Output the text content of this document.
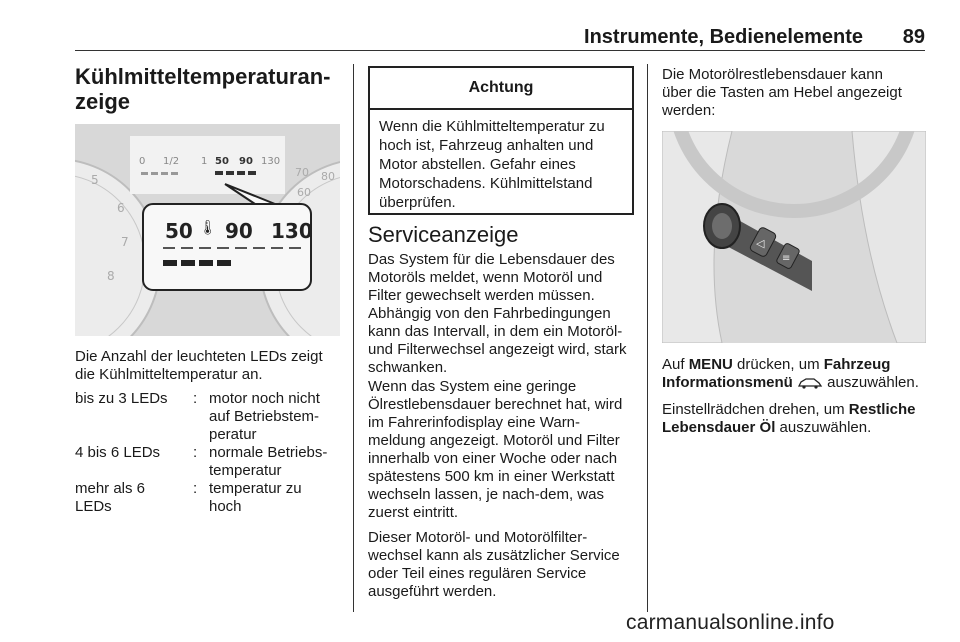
Instrumente, Bedienelemente 89
Kühlmitteltemperaturan-
zeige
5
6
7
8
70
60
80
0 1/2 1 50 90 130
50 90 130
🌡

Die Anzahl der leuchteten LEDs zeigt die Kühlmitteltemperatur an.

bis zu 3 LEDs	: motor noch nicht auf Betriebstem-peratur
4 bis 6 LEDs	: normale Betriebs-temperatur
mehr als 6 LEDs
: temperatur zu hoch
Achtung
Wenn die Kühlmitteltemperatur zu hoch ist, Fahrzeug anhalten und Motor abstellen. Gefahr eines Motorschadens. Kühlmittelstand überprüfen.
Serviceanzeige

Das System für die Lebensdauer des Motoröls meldet, wenn Motoröl und Filter gewechselt werden müssen. Abhängig von den Fahrbedingungen kann das Intervall, in dem ein Motoröl- und Filterwechsel angezeigt wird, stark schwanken.

Wenn das System eine geringe Ölrestlebensdauer berechnet hat, wird im Fahrerinfodisplay eine Warn-meldung angezeigt. Motoröl und Filter innerhalb von einer Woche oder nach spätestens 500 km in einer Werkstatt wechseln lassen, je nach-dem, was zuerst eintritt.

Dieser Motoröl- und Motorölfilter-wechsel kann als zusätzlicher Service oder Teil eines regulären Service ausgeführt werden.

Die Motorölrestlebensdauer kann über die Tasten am Hebel angezeigt werden:

◁
≡

Auf MENU drücken, um Fahrzeug Informationsmenü  auszuwählen.

Einstellrädchen drehen, um Restliche Lebensdauer Öl auszuwählen.

carmanualsonline.info
